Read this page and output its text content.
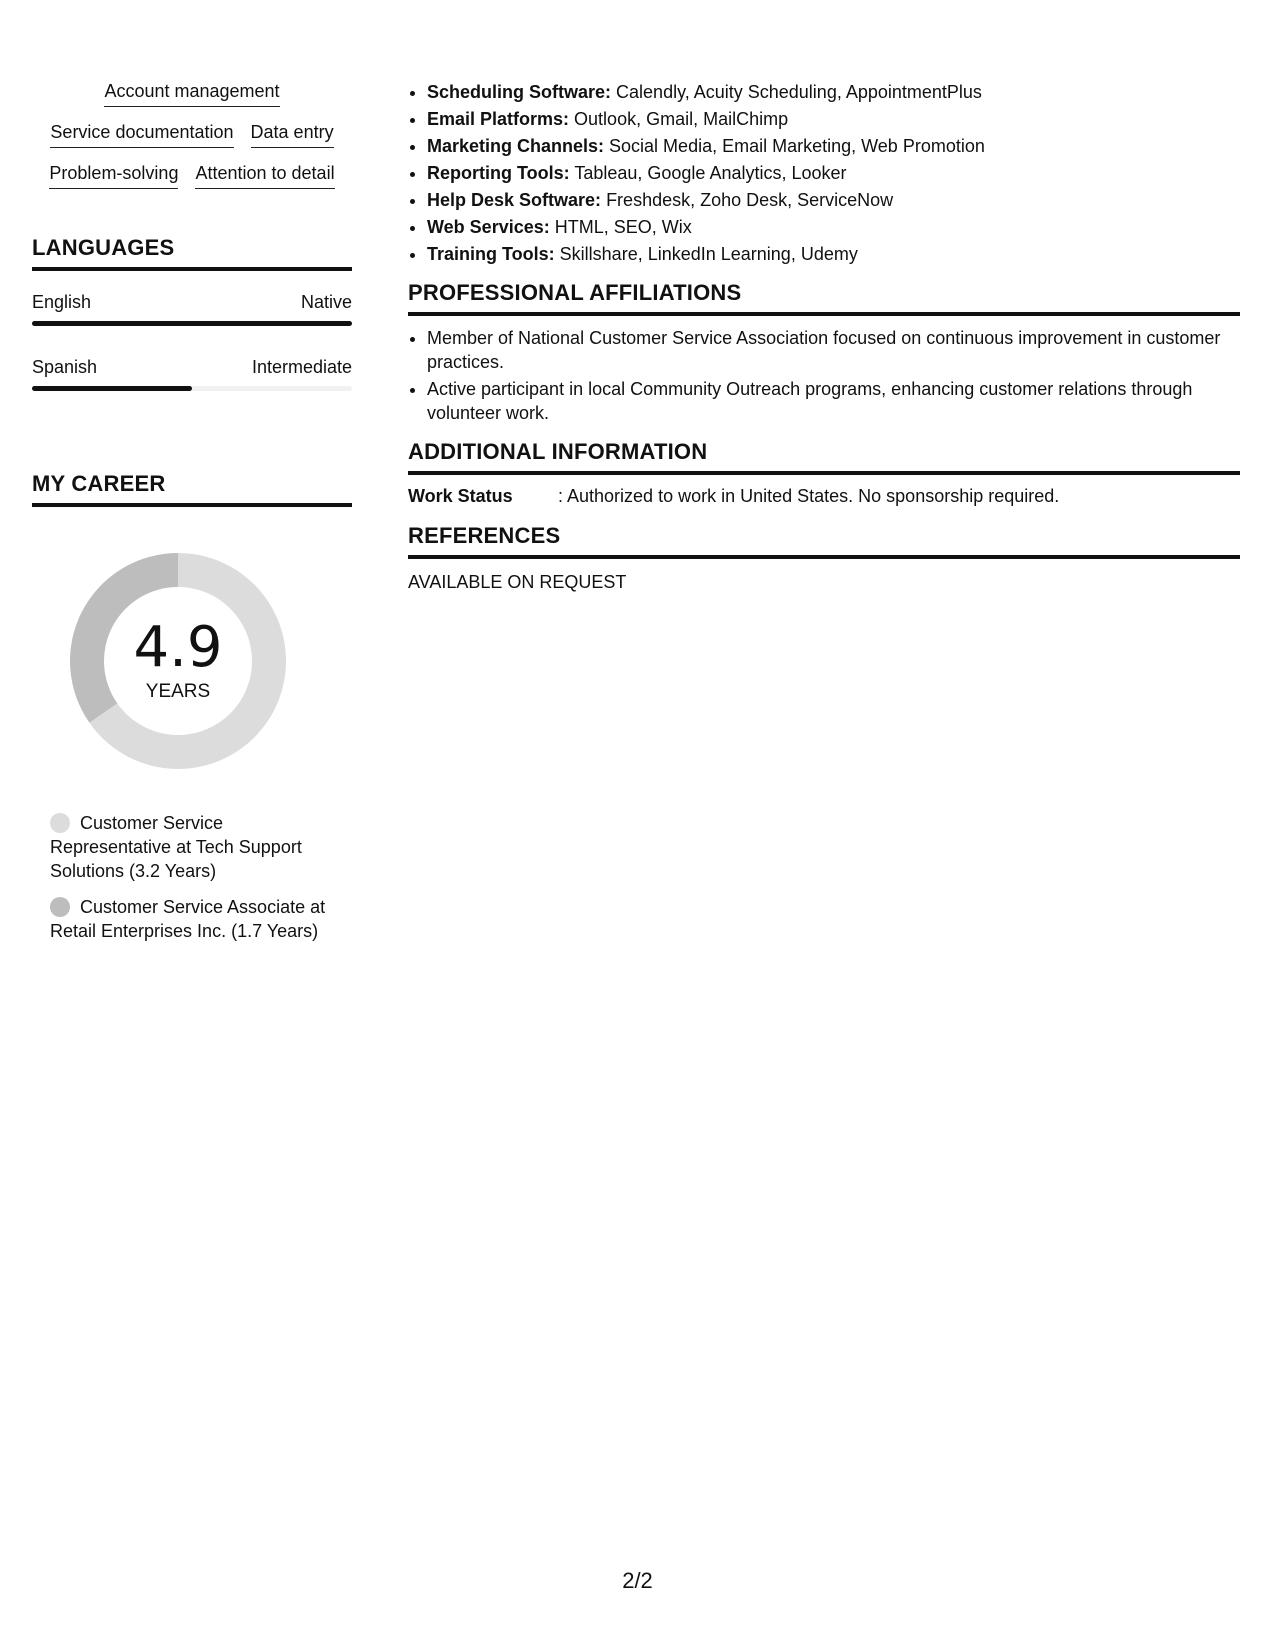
Account management
Service documentation Data entry
Problem-solving Attention to detail
LANGUAGES
English	Native
Spanish	Intermediate
MY CAREER
4.9
YEARS
Customer Service Representative at Tech Support Solutions (3.2 Years)
Customer Service Associate at Retail Enterprises Inc. (1.7 Years)
• Scheduling Software: Calendly, Acuity Scheduling, AppointmentPlus
• Email Platforms: Outlook, Gmail, MailChimp
• Marketing Channels: Social Media, Email Marketing, Web Promotion
• Reporting Tools: Tableau, Google Analytics, Looker
• Help Desk Software: Freshdesk, Zoho Desk, ServiceNow
• Web Services: HTML, SEO, Wix
• Training Tools: Skillshare, LinkedIn Learning, Udemy
PROFESSIONAL AFFILIATIONS
• Member of National Customer Service Association focused on continuous improvement in customer practices.
• Active participant in local Community Outreach programs, enhancing customer relations through volunteer work.
ADDITIONAL INFORMATION
Work Status	: Authorized to work in United States. No sponsorship required.
REFERENCES
AVAILABLE ON REQUEST
2/2
